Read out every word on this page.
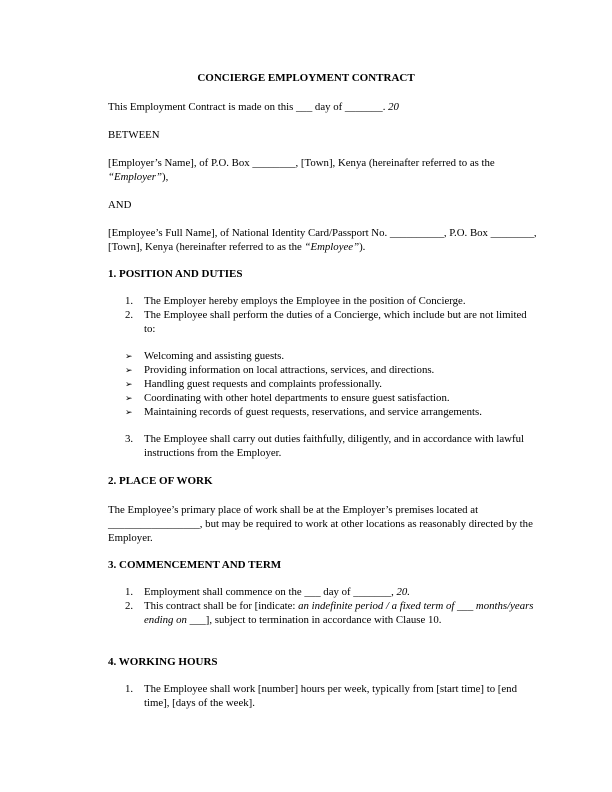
CONCIERGE EMPLOYMENT CONTRACT

This Employment Contract is made on this ___ day of _______. 20

BETWEEN

[Employer’s Name], of P.O. Box ________, [Town], Kenya (hereinafter referred to as the “Employer”),

AND

[Employee’s Full Name], of National Identity Card/Passport No. __________, P.O. Box ________, [Town], Kenya (hereinafter referred to as the “Employee”).

1. POSITION AND DUTIES

1.	The Employer hereby employs the Employee in the position of Concierge.
2.	The Employee shall perform the duties of a Concierge, which include but are not limited to:
➢ Welcoming and assisting guests.
➢ Providing information on local attractions, services, and directions.
➢ Handling guest requests and complaints professionally.
➢ Coordinating with other hotel departments to ensure guest satisfaction.
➢ Maintaining records of guest requests, reservations, and service arrangements.
3.	The Employee shall carry out duties faithfully, diligently, and in accordance with lawful instructions from the Employer.

2. PLACE OF WORK

The Employee’s primary place of work shall be at the Employer’s premises located at _________________, but may be required to work at other locations as reasonably directed by the Employer.

3. COMMENCEMENT AND TERM

1.	Employment shall commence on the ___ day of _______, 20.
2.	This contract shall be for [indicate: an indefinite period / a fixed term of ___ months/years ending on ___], subject to termination in accordance with Clause 10.

4. WORKING HOURS

1.	The Employee shall work [number] hours per week, typically from [start time] to [end time], [days of the week].
